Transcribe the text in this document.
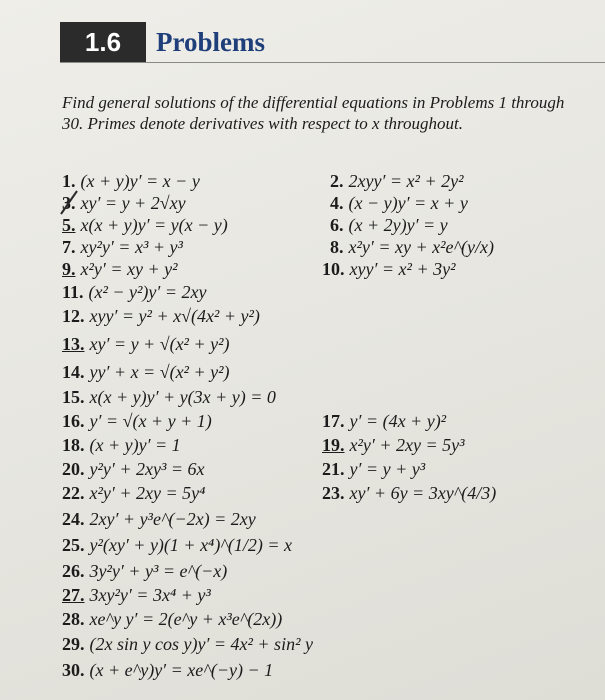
1.6	Problems
Find general solutions of the differential equations in Problems 1 through 30. Primes denote derivatives with respect to x throughout.
1. (x + y)y′ = x − y	2. 2xyy′ = x² + 2y²
3. xy′ = y + 2√xy	4. (x − y)y′ = x + y
5. x(x + y)y′ = y(x − y)	6. (x + 2y)y′ = y
7. xy²y′ = x³ + y³	8. x²y′ = xy + x²e^(y/x)
9. x²y′ = xy + y²	10. xyy′ = x² + 3y²
11. (x² − y²)y′ = 2xy
12. xyy′ = y² + x√(4x² + y²)
13. xy′ = y + √(x² + y²)
14. yy′ + x = √(x² + y²)
15. x(x + y)y′ + y(3x + y) = 0
16. y′ = √(x + y + 1)	17. y′ = (4x + y)²
18. (x + y)y′ = 1	19. x²y′ + 2xy = 5y³
20. y²y′ + 2xy³ = 6x	21. y′ = y + y³
22. x²y′ + 2xy = 5y⁴	23. xy′ + 6y = 3xy^(4/3)
24. 2xy′ + y³e^(−2x) = 2xy
25. y²(xy′ + y)(1 + x⁴)^(1/2) = x
26. 3y²y′ + y³ = e^(−x)
27. 3xy²y′ = 3x⁴ + y³
28. xe^y y′ = 2(e^y + x³e^(2x))
29. (2x sin y cos y)y′ = 4x² + sin² y
30. (x + e^y)y′ = xe^(−y) − 1
